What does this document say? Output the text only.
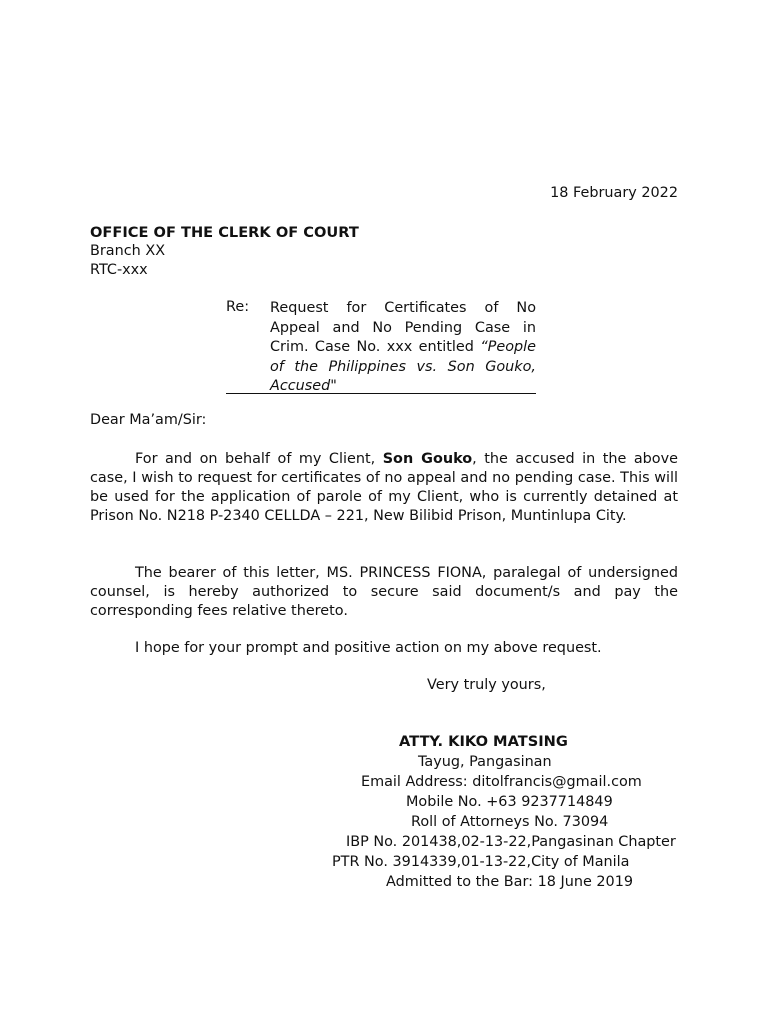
18 February 2022
OFFICE OF THE CLERK OF COURT
Branch XX
RTC-xxx
Re: Request for Certificates of No Appeal and No Pending Case in Crim. Case No. xxx entitled “People of the Philippines vs. Son Gouko, Accused"
Dear Ma’am/Sir:
For and on behalf of my Client, Son Gouko, the accused in the above case, I wish to request for certificates of no appeal and no pending case. This will be used for the application of parole of my Client, who is currently detained at Prison No. N218 P-2340 CELLDA – 221, New Bilibid Prison, Muntinlupa City.
The bearer of this letter, MS. PRINCESS FIONA, paralegal of undersigned counsel, is hereby authorized to secure said document/s and pay the corresponding fees relative thereto.
I hope for your prompt and positive action on my above request.
Very truly yours,
ATTY. KIKO MATSING
Tayug, Pangasinan
Email Address: ditolfrancis@gmail.com
Mobile No. +63 9237714849
Roll of Attorneys No. 73094
IBP No. 201438,02-13-22,Pangasinan Chapter
PTR No. 3914339,01-13-22,City of Manila
Admitted to the Bar: 18 June 2019
